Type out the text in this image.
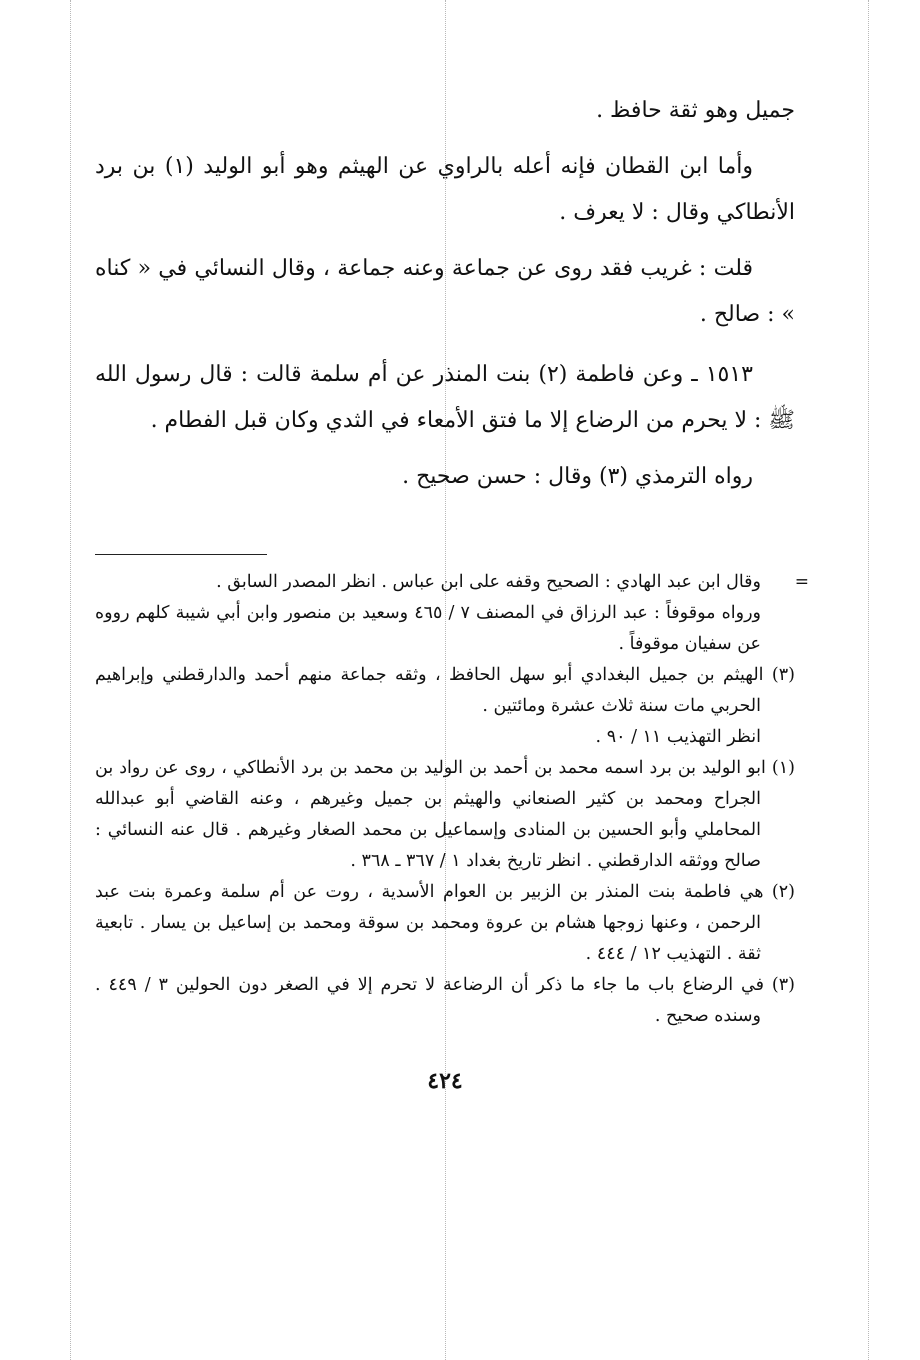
جميل وهو ثقة حافظ .

وأما ابن القطان فإنه أعله بالراوي عن الهيثم وهو أبو الوليد (١) بن برد الأنطاكي وقال : لا يعرف .

قلت : غريب فقد روى عن جماعة وعنه جماعة ، وقال النسائي في « كناه » : صالح .

١٥١٣ ـ وعن فاطمة (٢) بنت المنذر عن أم سلمة قالت : قال رسول الله ﷺ : لا يحرم من الرضاع إلا ما فتق الأمعاء في الثدي وكان قبل الفطام .

رواه الترمذي (٣) وقال : حسن صحيح .

=
وقال ابن عبد الهادي : الصحيح وقفه على ابن عباس . انظر المصدر السابق .

ورواه موقوفاً : عبد الرزاق في المصنف ٧ / ٤٦٥ وسعيد بن منصور وابن أبي شيبة كلهم رووه عن سفيان موقوفاً .

(٣) الهيثم بن جميل البغدادي أبو سهل الحافظ ، وثقه جماعة منهم أحمد والدارقطني وإبراهيم الحربي مات سنة ثلاث عشرة ومائتين .

انظر التهذيب ١١ / ٩٠ .

(١) ابو الوليد بن برد اسمه محمد بن أحمد بن الوليد بن محمد بن برد الأنطاكي ، روى عن رواد بن الجراح ومحمد بن كثير الصنعاني والهيثم بن جميل وغيرهم ، وعنه القاضي أبو عبدالله المحاملي وأبو الحسين بن المنادى وإسماعيل بن محمد الصغار وغيرهم . قال عنه النسائي : صالح ووثقه الدارقطني . انظر تاريخ بغداد ١ / ٣٦٧ ـ ٣٦٨ .

(٢) هي فاطمة بنت المنذر بن الزبير بن العوام الأسدية ، روت عن أم سلمة وعمرة بنت عبد الرحمن ، وعنها زوجها هشام بن عروة ومحمد بن سوقة ومحمد بن إساعيل بن يسار . تابعية ثقة . التهذيب ١٢ / ٤٤٤ .

(٣) في الرضاع باب ما جاء ما ذكر أن الرضاعة لا تحرم إلا في الصغر دون الحولين ٣ / ٤٤٩ . وسنده صحيح .

٤٢٤
